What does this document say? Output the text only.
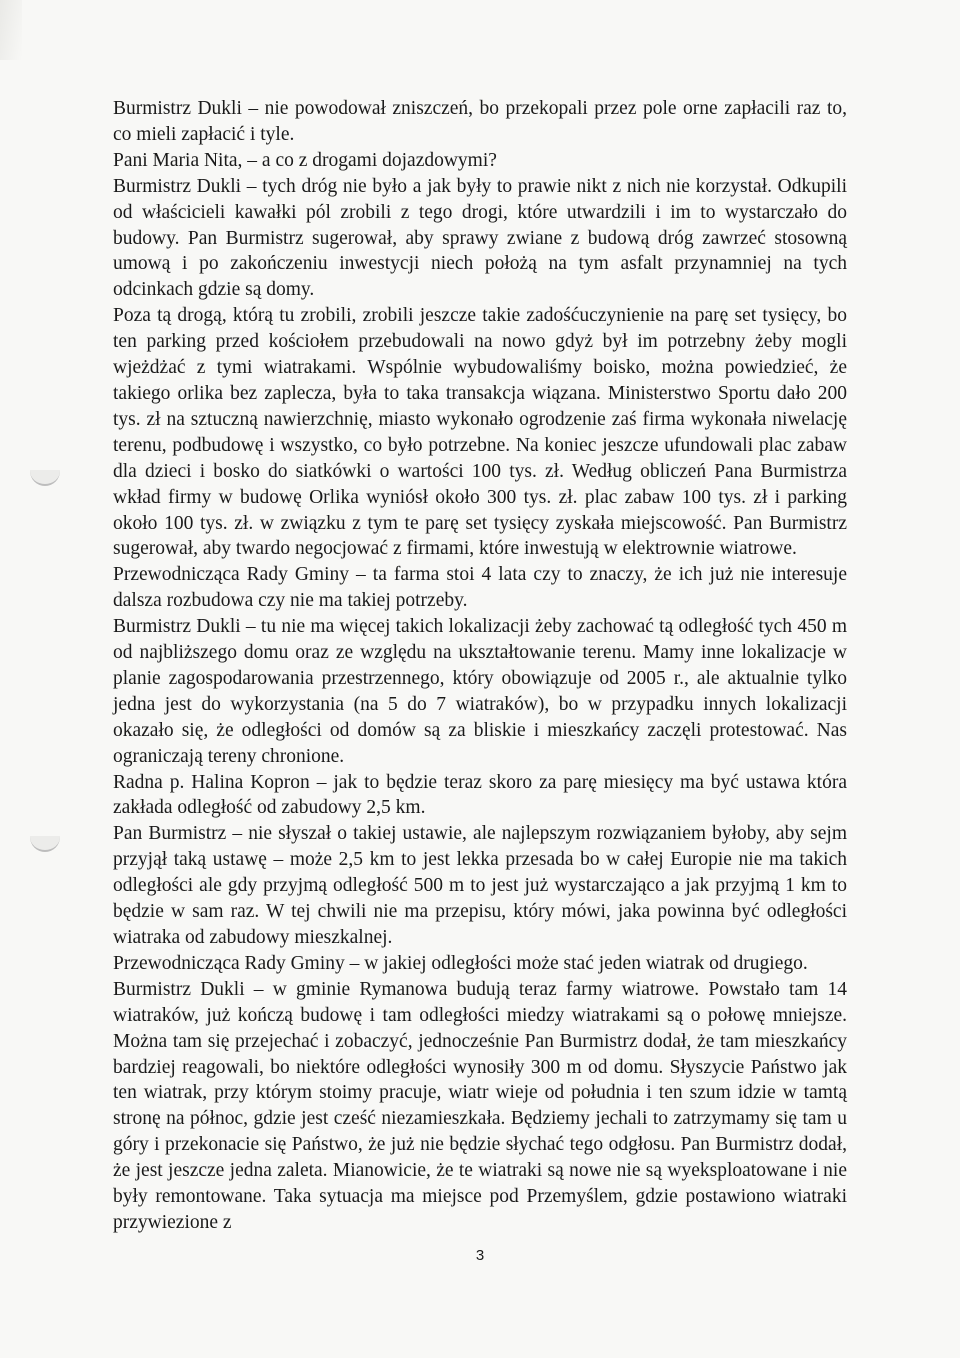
Burmistrz Dukli – nie powodował zniszczeń, bo przekopali przez pole orne zapłacili raz to, co mieli zapłacić i tyle.

Pani Maria Nita, – a co z drogami dojazdowymi?

Burmistrz Dukli – tych dróg nie było a jak były to prawie nikt z nich nie korzystał. Odkupili od właścicieli kawałki pól zrobili z tego drogi, które utwardzili i im to wystarczało do budowy. Pan Burmistrz sugerował, aby sprawy zwiane z budową dróg zawrzeć stosowną umową i po zakończeniu inwestycji niech położą na tym asfalt przynamniej na tych odcinkach gdzie są domy.

Poza tą drogą, którą tu zrobili, zrobili jeszcze takie zadośćuczynienie na parę set tysięcy, bo ten parking przed kościołem przebudowali na nowo gdyż był im potrzebny żeby mogli wjeżdżać z tymi wiatrakami. Wspólnie wybudowaliśmy boisko, można powiedzieć, że takiego orlika bez zaplecza, była to taka transakcja wiązana. Ministerstwo Sportu dało 200 tys. zł na sztuczną nawierzchnię, miasto wykonało ogrodzenie zaś firma wykonała niwelację terenu, podbudowę i wszystko, co było potrzebne. Na koniec jeszcze ufundowali plac zabaw dla dzieci i bosko do siatkówki o wartości 100 tys. zł. Według obliczeń Pana Burmistrza wkład firmy w budowę Orlika wyniósł około 300 tys. zł. plac zabaw 100 tys. zł i parking około 100 tys. zł. w związku z tym te parę set tysięcy zyskała miejscowość. Pan Burmistrz sugerował, aby twardo negocjować z firmami, które inwestują w elektrownie wiatrowe.

Przewodnicząca Rady Gminy – ta farma stoi 4 lata czy to znaczy, że ich już nie interesuje dalsza rozbudowa czy nie ma takiej potrzeby.

Burmistrz Dukli – tu nie ma więcej takich lokalizacji żeby zachować tą odległość tych 450 m od najbliższego domu oraz ze względu na ukształtowanie terenu. Mamy inne lokalizacje w planie zagospodarowania przestrzennego, który obowiązuje od 2005 r., ale aktualnie tylko jedna jest do wykorzystania (na 5 do 7 wiatraków), bo w przypadku innych lokalizacji okazało się, że odległości od domów są za bliskie i mieszkańcy zaczęli protestować. Nas ograniczają tereny chronione.

Radna p. Halina Kopron – jak to będzie teraz skoro za parę miesięcy ma być ustawa która zakłada odległość od zabudowy 2,5 km.

Pan Burmistrz – nie słyszał o takiej ustawie, ale najlepszym rozwiązaniem byłoby, aby sejm przyjął taką ustawę – może 2,5 km to jest lekka przesada bo w całej Europie nie ma takich odległości ale gdy przyjmą odległość 500 m to jest już wystarczająco a jak przyjmą 1 km to będzie w sam raz. W tej chwili nie ma przepisu, który mówi, jaka powinna być odległości wiatraka od zabudowy mieszkalnej.

Przewodnicząca Rady Gminy – w jakiej odległości może stać jeden wiatrak od drugiego.

Burmistrz Dukli – w gminie Rymanowa budują teraz farmy wiatrowe. Powstało tam 14 wiatraków, już kończą budowę i tam odległości miedzy wiatrakami są o połowę mniejsze. Można tam się przejechać i zobaczyć, jednocześnie Pan Burmistrz dodał, że tam mieszkańcy bardziej reagowali, bo niektóre odległości wynosiły 300 m od domu. Słyszycie Państwo jak ten wiatrak, przy którym stoimy pracuje, wiatr wieje od południa i ten szum idzie w tamtą stronę na północ, gdzie jest cześć niezamieszkała. Będziemy jechali to zatrzymamy się tam u góry i przekonacie się Państwo, że już nie będzie słychać tego odgłosu. Pan Burmistrz dodał, że jest jeszcze jedna zaleta. Mianowicie, że te wiatraki są nowe nie są wyeksploatowane i nie były remontowane. Taka sytuacja ma miejsce pod Przemyślem, gdzie postawiono wiatraki przywiezione z

3
